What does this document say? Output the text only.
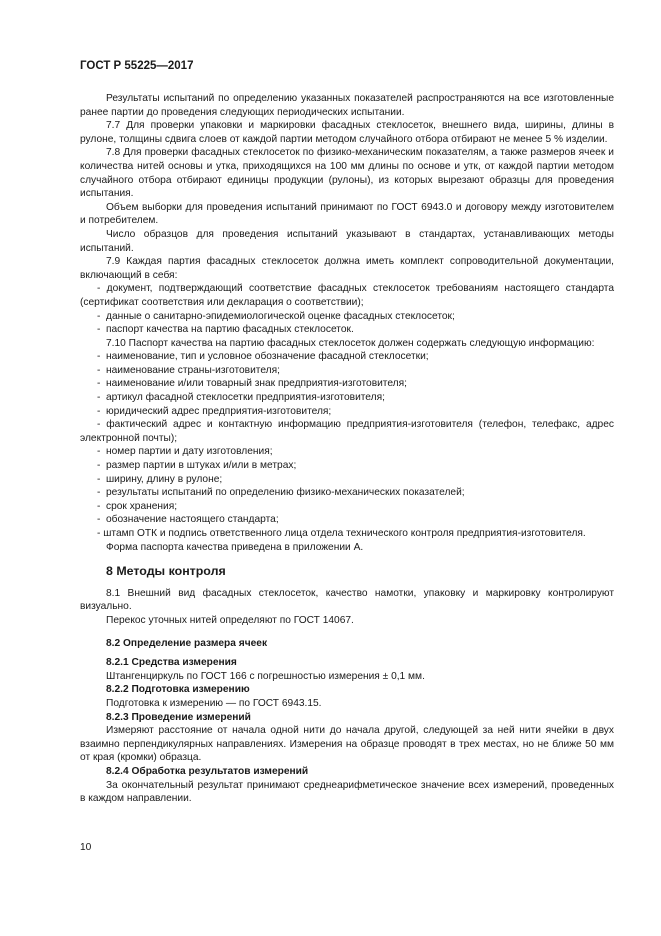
ГОСТ Р 55225—2017

Результаты испытаний по определению указанных показателей распространяются на все изготовленные ранее партии до проведения следующих периодических испытании.

7.7 Для проверки упаковки и маркировки фасадных стеклосеток, внешнего вида, ширины, длины в рулоне, толщины сдвига слоев от каждой партии методом случайного отбора отбирают не менее 5 % изделии.

7.8 Для проверки фасадных стеклосеток по физико-механическим показателям, а также размеров ячеек и количества нитей основы и утка, приходящихся на 100 мм длины по основе и утк, от каждой партии методом случайного отбора отбирают единицы продукции (рулоны), из которых вырезают образцы для проведения испытания.

Объем выборки для проведения испытаний принимают по ГОСТ 6943.0 и договору между изготовителем и потребителем.

Число образцов для проведения испытаний указывают в стандартах, устанавливающих методы испытаний.

7.9 Каждая партия фасадных стеклосеток должна иметь комплект сопроводительной документации, включающий в себя:

- документ, подтверждающий соответствие фасадных стеклосеток требованиям настоящего стандарта (сертификат соответствия или декларация о соответствии);

- данные о санитарно-эпидемиологической оценке фасадных стеклосеток;

- паспорт качества на партию фасадных стеклосеток.

7.10 Паспорт качества на партию фасадных стеклосеток должен содержать следующую информацию:

- наименование, тип и условное обозначение фасадной стеклосетки;

- наименование страны-изготовителя;

- наименование и/или товарный знак предприятия-изготовителя;

- артикул фасадной стеклосетки предприятия-изготовителя;

- юридический адрес предприятия-изготовителя;

- фактический адрес и контактную информацию предприятия-изготовителя (телефон, телефакс, адрес электронной почты);

- номер партии и дату изготовления;

- размер партии в штуках и/или в метрах;

- ширину, длину в рулоне;

- результаты испытаний по определению физико-механических показателей;

- срок хранения;

- обозначение настоящего стандарта;

- штамп ОТК и подпись ответственного лица отдела технического контроля предприятия-изготовителя.

Форма паспорта качества приведена в приложении А.

8 Методы контроля

8.1 Внешний вид фасадных стеклосеток, качество намотки, упаковку и маркировку контролируют визуально.

Перекос уточных нитей определяют по ГОСТ 14067.

8.2 Определение размера ячеек

8.2.1 Средства измерения

Штангенциркуль по ГОСТ 166 с погрешностью измерения ± 0,1 мм.

8.2.2 Подготовка измерению

Подготовка к измерению — по ГОСТ 6943.15.

8.2.3 Проведение измерений

Измеряют расстояние от начала одной нити до начала другой, следующей за ней нити ячейки в двух взаимно перпендикулярных направлениях. Измерения на образце проводят в трех местах, но не ближе 50 мм от края (кромки) образца.

8.2.4 Обработка результатов измерений

За окончательный результат принимают среднеарифметическое значение всех измерений, проведенных в каждом направлении.

10
